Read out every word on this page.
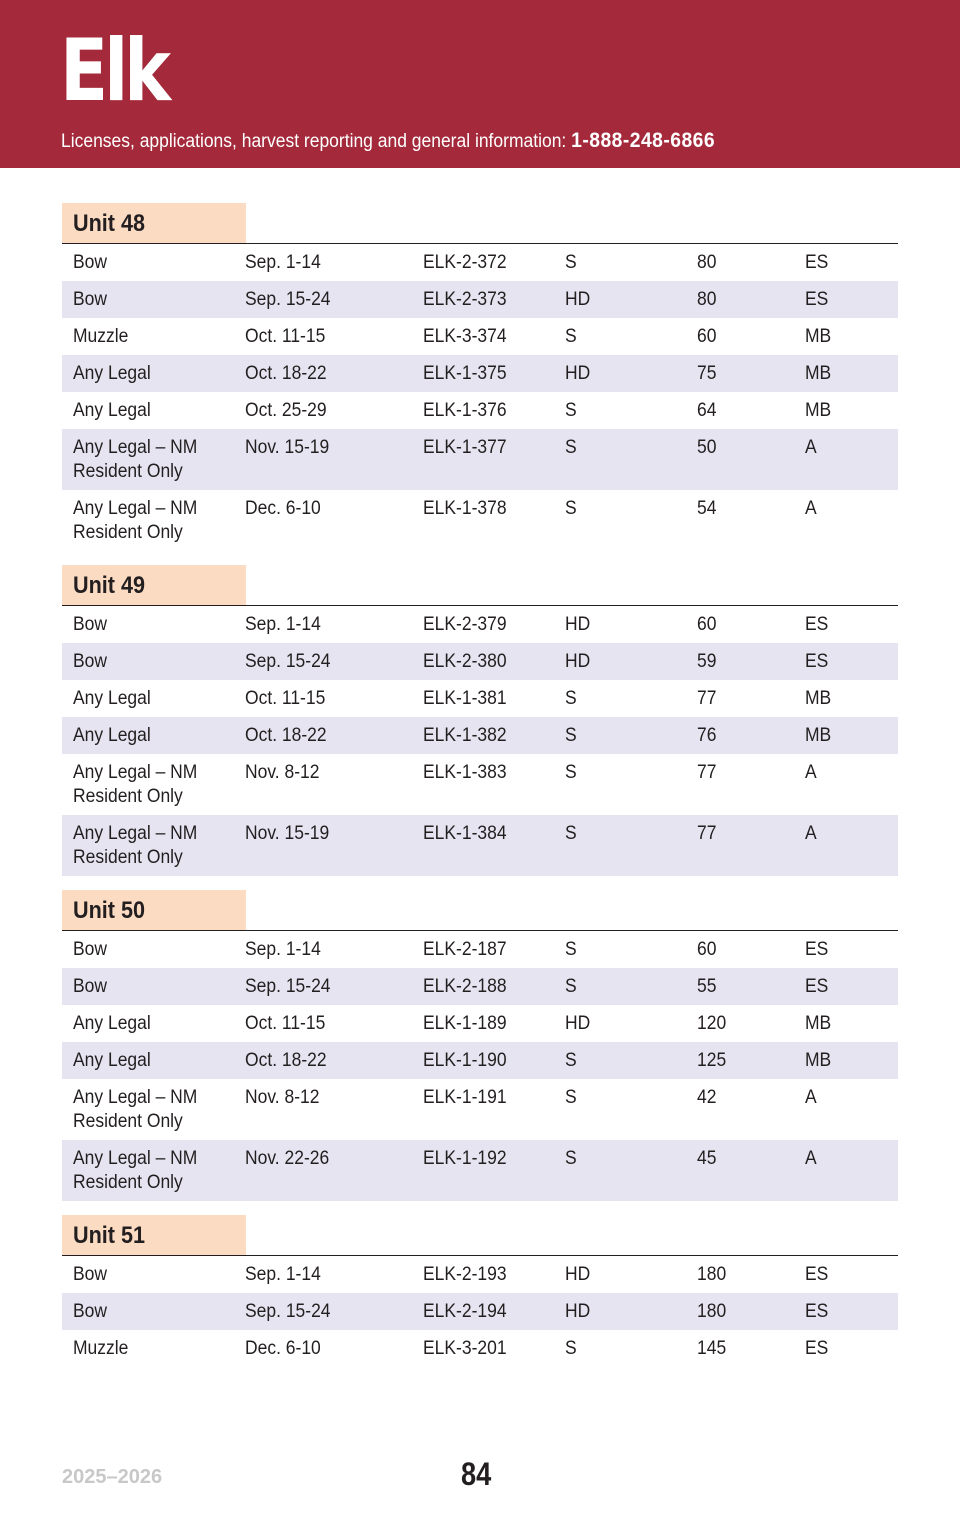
Elk
Licenses, applications, harvest reporting and general information: 1-888-248-6866
Unit 48
Bow	Sep. 1-14	ELK-2-372	S	80	ES
Bow	Sep. 15-24	ELK-2-373	HD	80	ES
Muzzle	Oct. 11-15	ELK-3-374	S	60	MB
Any Legal	Oct. 18-22	ELK-1-375	HD	75	MB
Any Legal	Oct. 25-29	ELK-1-376	S	64	MB
Any Legal – NM
Resident Only
Nov. 15-19	ELK-1-377	S	50	A
Any Legal – NM
Resident Only
Dec. 6-10	ELK-1-378	S	54	A
Unit 49
Bow	Sep. 1-14	ELK-2-379	HD	60	ES
Bow	Sep. 15-24	ELK-2-380	HD	59	ES
Any Legal	Oct. 11-15	ELK-1-381	S	77	MB
Any Legal	Oct. 18-22	ELK-1-382	S	76	MB
Any Legal – NM
Resident Only
Nov. 8-12	ELK-1-383	S	77	A
Any Legal – NM
Resident Only
Nov. 15-19	ELK-1-384	S	77	A
Unit 50
Bow	Sep. 1-14	ELK-2-187	S	60	ES
Bow	Sep. 15-24	ELK-2-188	S	55	ES
Any Legal	Oct. 11-15	ELK-1-189	HD	120	MB
Any Legal	Oct. 18-22	ELK-1-190	S	125	MB
Any Legal – NM
Resident Only
Nov. 8-12	ELK-1-191	S	42	A
Any Legal – NM
Resident Only
Nov. 22-26	ELK-1-192	S	45	A
Unit 51
Bow	Sep. 1-14	ELK-2-193	HD	180	ES
Bow	Sep. 15-24	ELK-2-194	HD	180	ES
Muzzle	Dec. 6-10	ELK-3-201	S	145	ES
2025–2026	84
